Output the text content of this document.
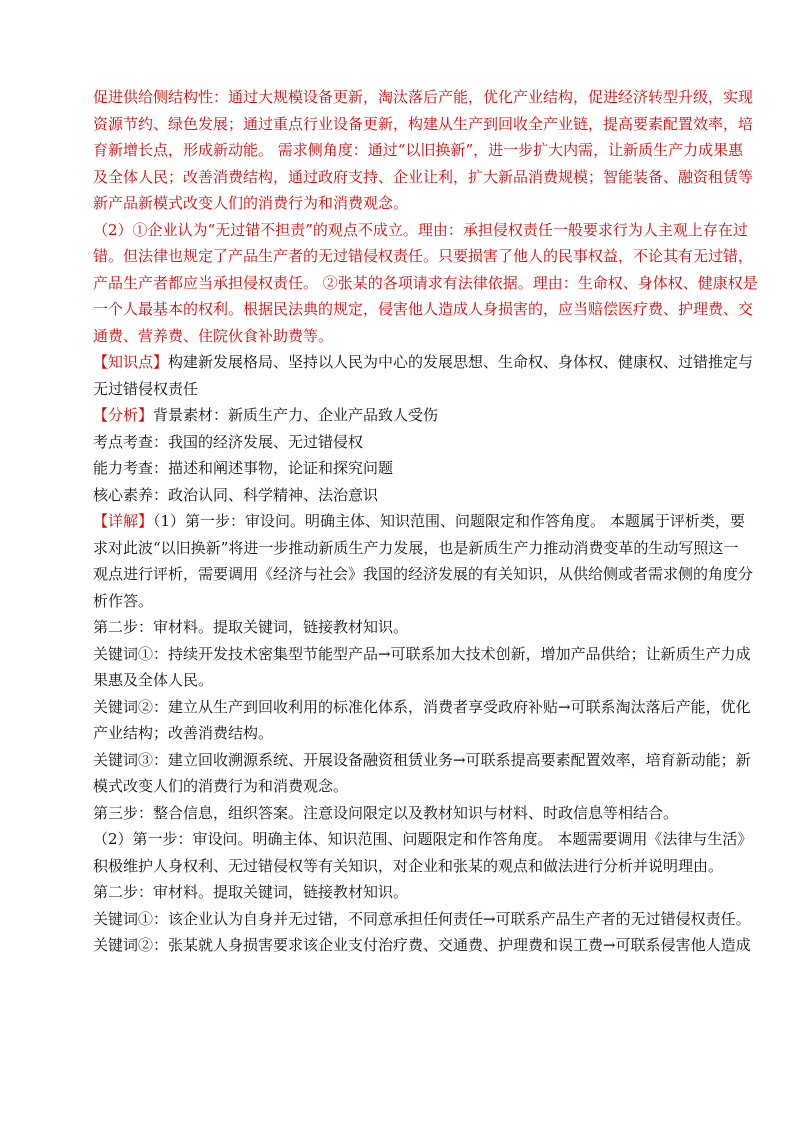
促进供给侧结构性：通过大规模设备更新，淘汰落后产能，优化产业结构，促进经济转型升级，实现
资源节约、绿色发展；通过重点行业设备更新，构建从生产到回收全产业链，提高要素配置效率，培
育新增长点，形成新动能。 需求侧角度：通过“以旧换新”，进一步扩大内需，让新质生产力成果惠
及全体人民；改善消费结构，通过政府支持、企业让利，扩大新品消费规模；智能装备、融资租赁等
新产品新模式改变人们的消费行为和消费观念。
（2）①企业认为“无过错不担责”的观点不成立。理由：承担侵权责任一般要求行为人主观上存在过
错。但法律也规定了产品生产者的无过错侵权责任。只要损害了他人的民事权益，不论其有无过错，
产品生产者都应当承担侵权责任。 ②张某的各项请求有法律依据。理由：生命权、身体权、健康权是
一个人最基本的权利。根据民法典的规定，侵害他人造成人身损害的，应当赔偿医疗费、护理费、交
通费、营养费、住院伙食补助费等。
【知识点】构建新发展格局、坚持以人民为中心的发展思想、生命权、身体权、健康权、过错推定与
无过错侵权责任
【分析】背景素材：新质生产力、企业产品致人受伤
考点考查：我国的经济发展、无过错侵权
能力考查：描述和阐述事物，论证和探究问题
核心素养：政治认同、科学精神、法治意识
【详解】（1）第一步：审设问。明确主体、知识范围、问题限定和作答角度。 本题属于评析类，要
求对此波“以旧换新”将进一步推动新质生产力发展，也是新质生产力推动消费变革的生动写照这一
观点进行评析，需要调用《经济与社会》我国的经济发展的有关知识，从供给侧或者需求侧的角度分
析作答。
第二步：审材料。提取关键词，链接教材知识。
关键词①：持续开发技术密集型节能型产品→可联系加大技术创新，增加产品供给；让新质生产力成
果惠及全体人民。
关键词②：建立从生产到回收利用的标准化体系，消费者享受政府补贴→可联系淘汰落后产能，优化
产业结构；改善消费结构。
关键词③：建立回收溯源系统、开展设备融资租赁业务→可联系提高要素配置效率，培育新动能；新
模式改变人们的消费行为和消费观念。
第三步：整合信息，组织答案。注意设问限定以及教材知识与材料、时政信息等相结合。
（2）第一步：审设问。明确主体、知识范围、问题限定和作答角度。 本题需要调用《法律与生活》
积极维护人身权利、无过错侵权等有关知识，对企业和张某的观点和做法进行分析并说明理由。
第二步：审材料。提取关键词，链接教材知识。
关键词①：该企业认为自身并无过错，不同意承担任何责任→可联系产品生产者的无过错侵权责任。
关键词②：张某就人身损害要求该企业支付治疗费、交通费、护理费和误工费→可联系侵害他人造成
